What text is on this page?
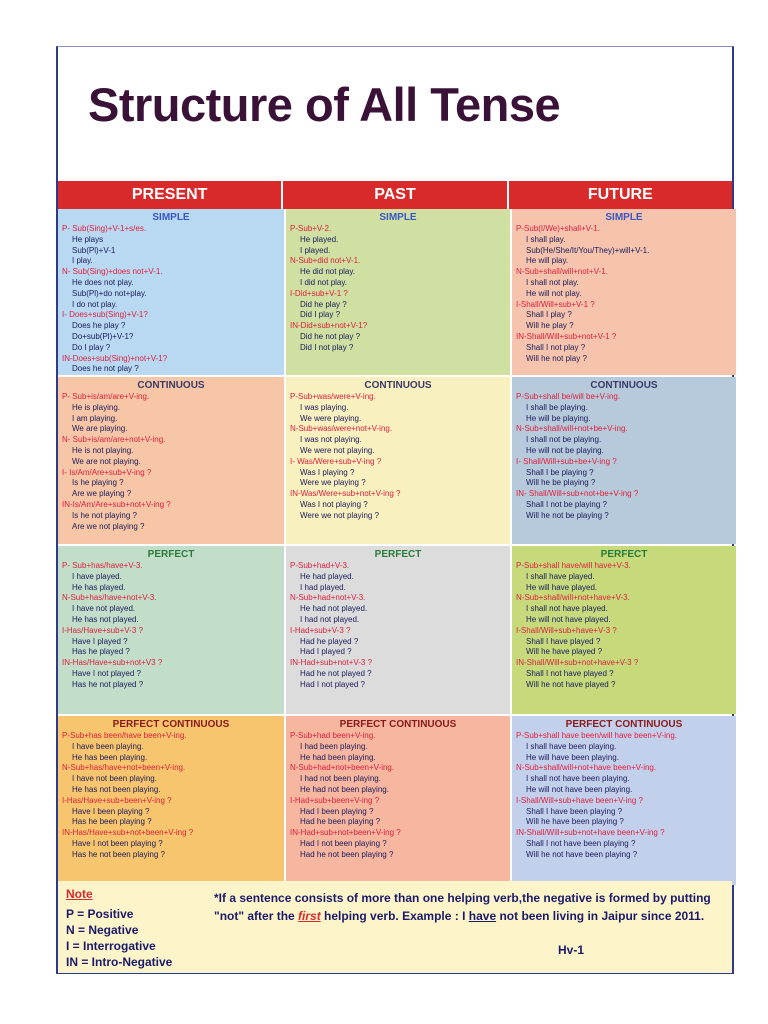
Structure of All Tense
PRESENT	PAST	FUTURE
SIMPLE
P- Sub(Sing)+V-1+s/es.
He plays
Sub(Pl)+V-1
I play.
N- Sub(Sing)+does not+V-1.
He does not play.
Sub(Pl)+do not+play.
I do not play.
I- Does+sub(Sing)+V-1?
Does he play ?
Do+sub(Pl)+V-1?
Do I play ?
IN-Does+sub(Sing)+not+V-1?
Does he not play ?
SIMPLE
P-Sub+V-2.
He played.
I played.
N-Sub+did not+V-1.
He did not play.
I did not play.
I-Did+sub+V-1 ?
Did he play ?
Did I play ?
IN-Did+sub+not+V-1?
Did he not play ?
Did I not play ?
SIMPLE
P-Sub(I/We)+shall+V-1.
I shall play.
Sub(He/She/It/You/They)+will+V-1.
He will play.
N-Sub+shall/will+not+V-1.
I shall not play.
He will not play.
I-Shall/Will+sub+V-1 ?
Shall I play ?
Will he play ?
IN-Shall/Will+sub+not+V-1 ?
Shall I not play ?
Will he not play ?
CONTINUOUS
P- Sub+is/am/are+V-ing.
He is playing.
I am playing.
We are playing.
N- Sub+is/am/are+not+V-ing.
He is not playing.
We are not playing.
I- Is/Am/Are+sub+V-ing ?
Is he playing ?
Are we playing ?
IN-Is/Am/Are+sub+not+V-ing ?
Is he not playing ?
Are we not playing ?
CONTINUOUS
P-Sub+was/were+V-ing.
I was playing.
We were playing.
N-Sub+was/were+not+V-ing.
I was not playing.
We were not playing.
I- Was/Were+sub+V-ing ?
Was I playing ?
Were we playing ?
IN-Was/Were+sub+not+V-ing ?
Was I not playing ?
Were we not playing ?
CONTINUOUS
P-Sub+shall be/will be+V-ing.
I shall be playing.
He will be playing.
N-Sub+shall/will+not+be+V-ing.
I shall not be playing.
He will not be playing.
I- Shall/Will+sub+be+V-ing ?
Shall I be playing ?
Will he be playing ?
IN- Shall/Will+sub+not+be+V-ing ?
Shall I not be playing ?
Will he not be playing ?
PERFECT
P- Sub+has/have+V-3.
I have played.
He has played.
N-Sub+has/have+not+V-3.
I have not played.
He has not played.
I-Has/Have+sub+V-3 ?
Have I played ?
Has he played ?
IN-Has/Have+sub+not+V3 ?
Have I not played ?
Has he not played ?
PERFECT
P-Sub+had+V-3.
He had played.
I had played.
N-Sub+had+not+V-3.
He had not played.
I had not played.
I-Had+sub+V-3 ?
Had he played ?
Had I played ?
IN-Had+sub+not+V-3 ?
Had he not played ?
Had I not played ?
PERFECT
P-Sub+shall have/will have+V-3.
I shall have played.
He will have played.
N-Sub+shall/will+not+have+V-3.
I shall not have played.
He will not have played.
I-Shall/Will+sub+have+V-3 ?
Shall I have played ?
Will he have played ?
IN-Shall/Will+sub+not+have+V-3 ?
Shall I not have played ?
Will he not have played ?
PERFECT CONTINUOUS
P-Sub+has been/have been+V-ing.
I have been playing.
He has been playing.
N-Sub+has/have+not+been+V-ing.
I have not been playing.
He has not been playing.
I-Has/Have+sub+been+V-ing ?
Have I been playing ?
Has he been playing ?
IN-Has/Have+sub+not+been+V-ing ?
Have I not been playing ?
Has he not been playing ?
PERFECT CONTINUOUS
P-Sub+had been+V-ing.
I had been playing.
He had been playing.
N-Sub+had+not+been+V-ing.
I had not been playing.
He had not been playing.
I-Had+sub+been+V-ing ?
Had I been playing ?
Had he been playing ?
IN-Had+sub+not+been+V-ing ?
Had I not been playing ?
Had he not been playing ?
PERFECT CONTINUOUS
P-Sub+shall have been/will have been+V-ing.
I shall have been playing.
He will have been playing.
N-Sub+shall/will+not+have been+V-ing.
I shall not have been playing.
He will not have been playing.
I-Shall/Will+sub+have been+V-ing ?
Shall I have been playing ?
Will he have been playing ?
IN-Shall/Will+sub+not+have been+V-ing ?
Shall I not have been playing ?
Will he not have been playing ?
Note
P = Positive
N = Negative
I = Interrogative
IN = Intro-Negative
*If a sentence consists of more than one helping verb,the negative is formed by putting "not" after the first helping verb. Example : I have not been living in Jaipur since 2011.
Hv-1
